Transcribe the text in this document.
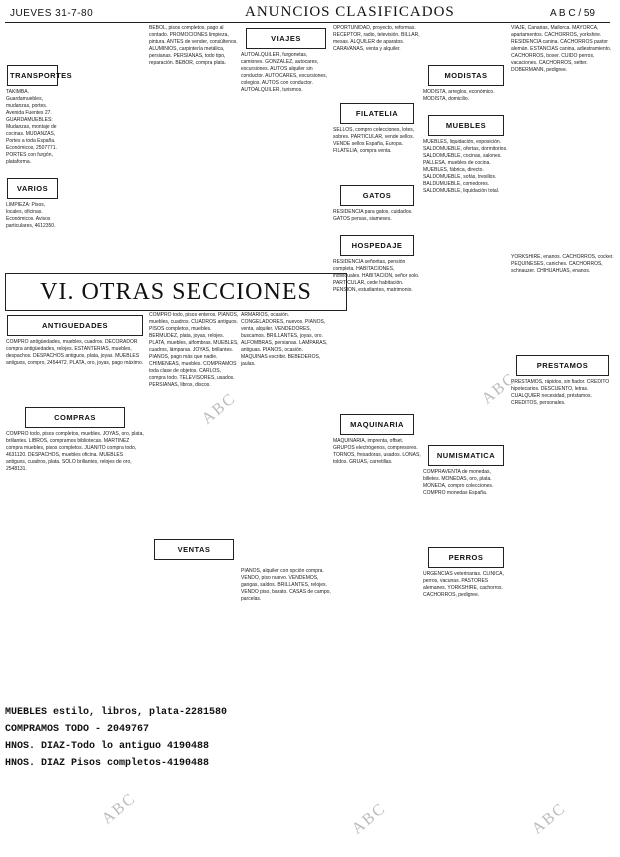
JUEVES 31-7-80	ANUNCIOS CLASIFICADOS	A B C / 59
TRANSPORTES
TAKIMBA. Guardamuebles, mudanzas, portes. Avenida Fuentes 27. GUARDAMUEBLES: Mudanzas, montaje de cocinas. MUDANZAS, Portes a toda España. Económicos, 2507771. PORTES con furgón, plataforma.
VARIOS
LIMPIEZA: Pisos, locales, oficinas. Económicos. Avisos particulares, 4612350.
BEBOL, pisos completos, pago al contado. PROMOCIONES limpieza, pintura. ANTES de vender, consúltenos. ALUMINIOS, carpintería metálica, persianas. PERSIANAS, todo tipo, reparación. BEBOR, compra plata.
VIAJES
AUTOALQUILER, furgonetas, camiones. GONZALEZ, autocares, excursiones. AUTOS alquiler sin conductor. AUTOCARES, excursiones, colegios. AUTOS con conductor. AUTOALQUILER, turismos.
VI. OTRAS SECCIONES
ANTIGUEDADES
COMPRO antigüedades, muebles, cuadros. DECORADOR compra antigüedades, relojes. ESTANTERIAS, muebles, despachos. DESPACHOS antiguos, plata, joyas. MUEBLES antiguos, compro, 2454472. PLATA, oro, joyas, pago máximo.
COMPRAS
COMPRO todo, pisos completos, muebles. JOYAS, oro, plata, brillantes. LIBROS, compramos bibliotecas. MARTINEZ compra muebles, pisos completos. JUANITO compra todo, 4631120. DESPACHOS, muebles oficina. MUEBLES antiguos, cuadros, plata. SOLO brillantes, relojes de oro, 2548131.
COMPRO todo, pisos enteros. PIANOS, muebles, cuadros. CUADROS antiguos. PISOS completos, muebles. BERMUDEZ, plata, joyas, relojes. PLATA, muebles, alfombras. MUEBLES, cuadros, lámparas. JOYAS, brillantes. PIANOS, pago más que nadie. CHIMENEAS, muebles. COMPRAMOS toda clase de objetos. CARLOS, compra todo. TELEVISORES, usados. PERSIANAS, libros, discos.
VENTAS
ARMARIOS, ocasión. CONGELADORES, nuevos. PIANOS, venta, alquiler. VENDEDORES, buscamos. BRILLANTES, joyas, oro. ALFOMBRAS, persianas. LAMPARAS, antiguas. PIANOS, ocasión. MAQUINAS escribir. BEBEDEROS, jaulas.
PIANOS, alquiler con opción compra. VENDO, piso nuevo. VENDEMOS, gangas, saldos. BRILLANTES, relojes. VENDO piso, barato. CASAS de campo, parcelas.
MUEBLES estilo, libros, plata-2281580
COMPRAMOS TODO - 2049767
HNOS. DIAZ-Todo lo antiguo 4190488
HNOS. DIAZ Pisos completos-4190488
OPORTUNIDAD, proyecto, reformas. RECEPTOR, radio, televisión. BILLAR, mesas. ALQUILER de aparatos. CARAVANAS, venta y alquiler.
FILATELIA
SELLOS, compro colecciones, lotes, sobres. PARTICULAR, vende sellos. VENDE sellos España, Europa. FILATELIA, compra venta.
GATOS
RESIDENCIA para gatos, cuidados. GATOS persas, siameses.
HOSPEDAJE
RESIDENCIA señoritas, pensión completa. HABITACIONES, individuales. HABITACION, señor solo. PARTICULAR, cede habitación. PENSION, estudiantes, matrimonio.
MAQUINARIA
MAQUINARIA, imprenta, offset. GRUPOS electrógenos, compresores. TORNOS, fresadoras, usados. LONAS, toldos. GRUAS, carretillas.
MODISTAS
MODISTA, arreglos, económico. MODISTA, domicilio.
MUEBLES
MUEBLES, liquidación, exposición. SALDOMUEBLE, ofertas, dormitorios. SALDOMUEBLE, cocinas, salones. PALLESA, muebles de cocina. MUEBLES, fábrica, directo. SALDOMUEBLE, sofás, tresillos. BALDUMUEBLE, comedores. SALDOMUEBLE, liquidación total.
NUMISMATICA
COMPRAVENTA de monedas, billetes. MONEDAS, oro, plata. MONEDA, compro colecciones. COMPRO monedas España.
PERROS
URGENCIAS veterinarias. CLINICA, perros, vacunas. PASTORES alemanes. YORKSHIRE, cachorros. CACHORROS, pedigree.
VIAJE, Canarias, Mallorca. MAYORCA, apartamentos. CACHORROS, yorkshire. RESIDENCIA canina. CACHORROS pastor alemán. ESTANCIAS canina, adiestramiento. CACHORROS, boxer. CUIDO perros, vacaciones. CACHORROS, setter. DOBERMANN, pedigree.
YORKSHIRE, enanos. CACHORROS, cocker. PEQUINESES, caniches. CACHORROS, schnauzer. CHIHUAHUAS, enanos.
PRESTAMOS
PRESTAMOS, rápidos, sin fiador. CREDITO hipotecarios. DESCUENTO, letras. CUALQUIER necesidad, préstamos. CREDITOS, personales.
ABC
ABC
ABC	ABC	ABC
